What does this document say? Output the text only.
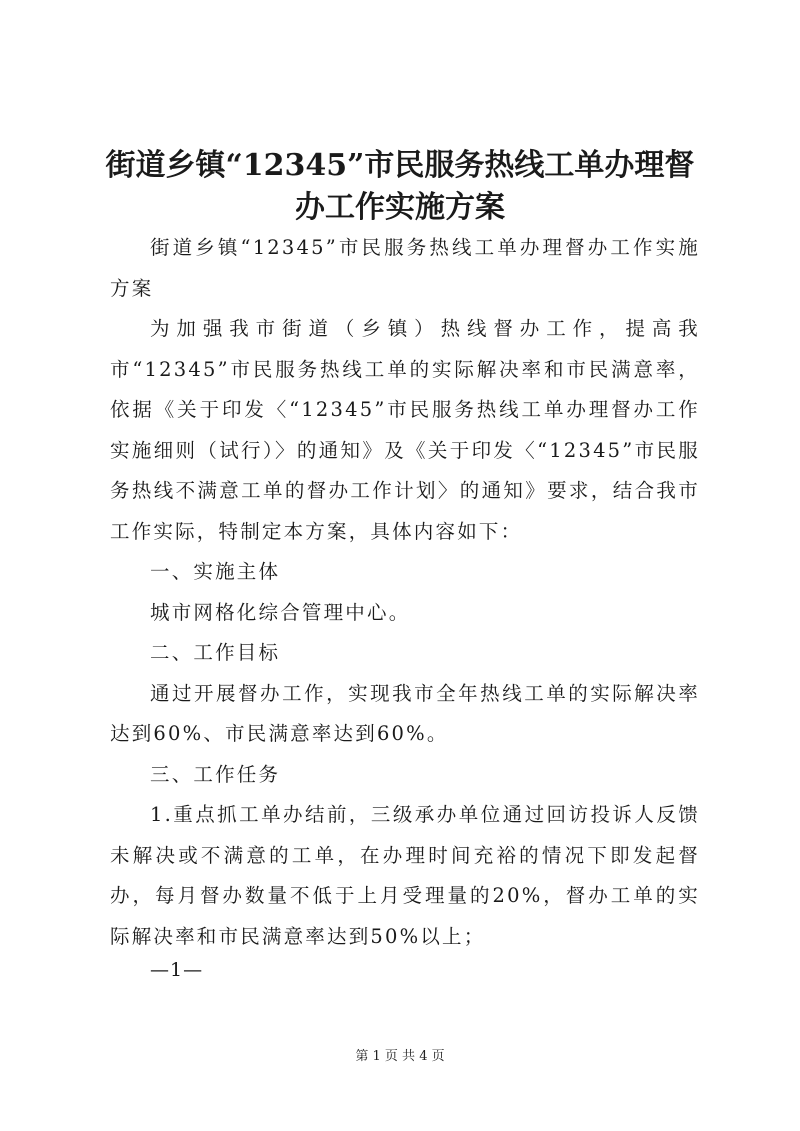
街道乡镇“12345”市民服务热线工单办理督
办工作实施方案

街道乡镇“12345”市民服务热线工单办理督办工作实施方案

为加强我市街道（乡镇）热线督办工作，提高我市“12345”市民服务热线工单的实际解决率和市民满意率，依据《关于印发〈“12345”市民服务热线工单办理督办工作实施细则（试行）〉的通知》及《关于印发〈“12345”市民服务热线不满意工单的督办工作计划〉的通知》要求，结合我市工作实际，特制定本方案，具体内容如下：

一、实施主体

城市网格化综合管理中心。

二、工作目标

通过开展督办工作，实现我市全年热线工单的实际解决率达到60%、市民满意率达到60%。

三、工作任务

1.重点抓工单办结前，三级承办单位通过回访投诉人反馈未解决或不满意的工单，在办理时间充裕的情况下即发起督办，每月督办数量不低于上月受理量的20%，督办工单的实际解决率和市民满意率达到50%以上；

—1—
第 1 页 共 4 页
